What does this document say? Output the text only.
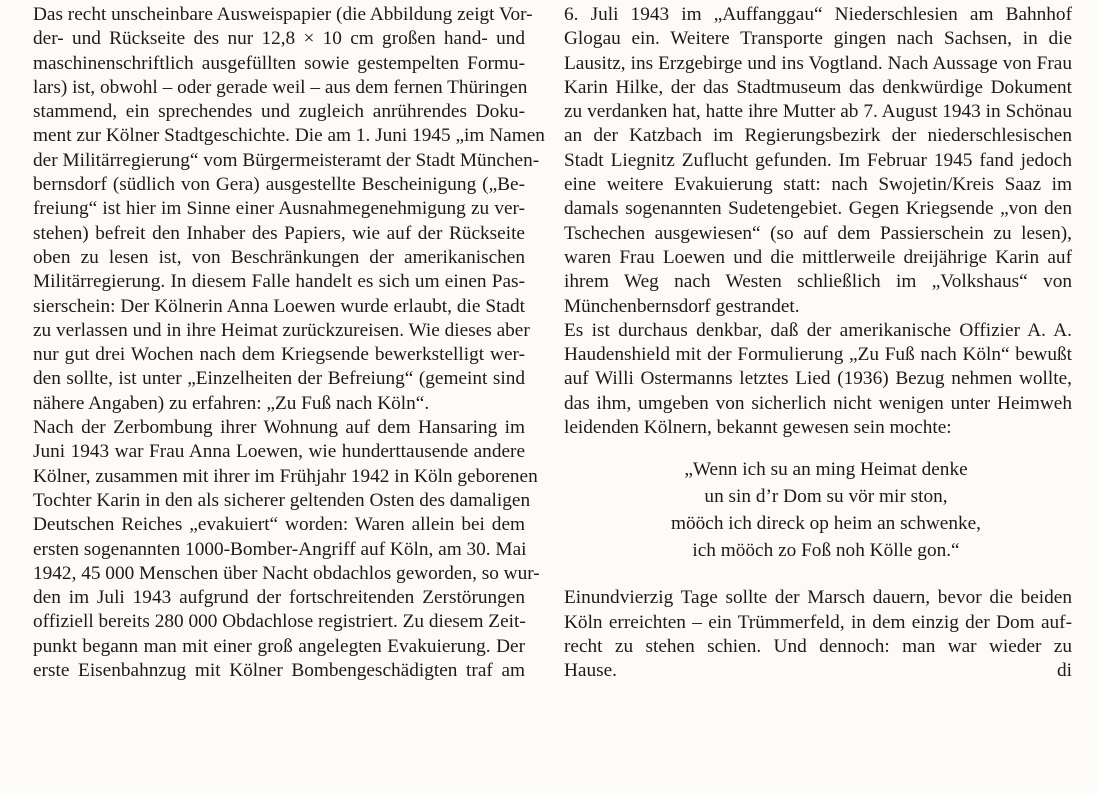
Das recht unscheinbare Ausweispapier (die Abbildung zeigt Vor-
der- und Rückseite des nur 12,8 × 10 cm großen hand- und
maschinenschriftlich ausgefüllten sowie gestempelten Formu-
lars) ist, obwohl – oder gerade weil – aus dem fernen Thüringen
stammend, ein sprechendes und zugleich anrührendes Doku-
ment zur Kölner Stadtgeschichte. Die am 1. Juni 1945 „im Namen
der Militärregierung“ vom Bürgermeisteramt der Stadt München-
bernsdorf (südlich von Gera) ausgestellte Bescheinigung („Be-
freiung“ ist hier im Sinne einer Ausnahmegenehmigung zu ver-
stehen) befreit den Inhaber des Papiers, wie auf der Rückseite
oben zu lesen ist, von Beschränkungen der amerikanischen
Militärregierung. In diesem Falle handelt es sich um einen Pas-
sierschein: Der Kölnerin Anna Loewen wurde erlaubt, die Stadt
zu verlassen und in ihre Heimat zurückzureisen. Wie dieses aber
nur gut drei Wochen nach dem Kriegsende bewerkstelligt wer-
den sollte, ist unter „Einzelheiten der Befreiung“ (gemeint sind
nähere Angaben) zu erfahren: „Zu Fuß nach Köln“.
Nach der Zerbombung ihrer Wohnung auf dem Hansaring im
Juni 1943 war Frau Anna Loewen, wie hunderttausende andere
Kölner, zusammen mit ihrer im Frühjahr 1942 in Köln geborenen
Tochter Karin in den als sicherer geltenden Osten des damaligen
Deutschen Reiches „evakuiert“ worden: Waren allein bei dem
ersten sogenannten 1000-Bomber-Angriff auf Köln, am 30. Mai
1942, 45 000 Menschen über Nacht obdachlos geworden, so wur-
den im Juli 1943 aufgrund der fortschreitenden Zerstörungen
offiziell bereits 280 000 Obdachlose registriert. Zu diesem Zeit-
punkt begann man mit einer groß angelegten Evakuierung. Der
erste Eisenbahnzug mit Kölner Bombengeschädigten traf am
6. Juli 1943 im „Auffanggau“ Niederschlesien am Bahnhof
Glogau ein. Weitere Transporte gingen nach Sachsen, in die
Lausitz, ins Erzgebirge und ins Vogtland. Nach Aussage von Frau
Karin Hilke, der das Stadtmuseum das denkwürdige Dokument
zu verdanken hat, hatte ihre Mutter ab 7. August 1943 in Schönau
an der Katzbach im Regierungsbezirk der niederschlesischen
Stadt Liegnitz Zuflucht gefunden. Im Februar 1945 fand jedoch
eine weitere Evakuierung statt: nach Swojetin/Kreis Saaz im
damals sogenannten Sudetengebiet. Gegen Kriegsende „von den
Tschechen ausgewiesen“ (so auf dem Passierschein zu lesen),
waren Frau Loewen und die mittlerweile dreijährige Karin auf
ihrem Weg nach Westen schließlich im „Volkshaus“ von
Münchenbernsdorf gestrandet.
Es ist durchaus denkbar, daß der amerikanische Offizier A. A.
Haudenshield mit der Formulierung „Zu Fuß nach Köln“ bewußt
auf Willi Ostermanns letztes Lied (1936) Bezug nehmen wollte,
das ihm, umgeben von sicherlich nicht wenigen unter Heimweh
leidenden Kölnern, bekannt gewesen sein mochte:
„Wenn ich su an ming Heimat denke
un sin d’r Dom su vör mir ston,
mööch ich direck op heim an schwenke,
ich mööch zo Foß noh Kölle gon.“
Einundvierzig Tage sollte der Marsch dauern, bevor die beiden
Köln erreichten – ein Trümmerfeld, in dem einzig der Dom auf-
recht zu stehen schien. Und dennoch: man war wieder zu
Hause.	di
